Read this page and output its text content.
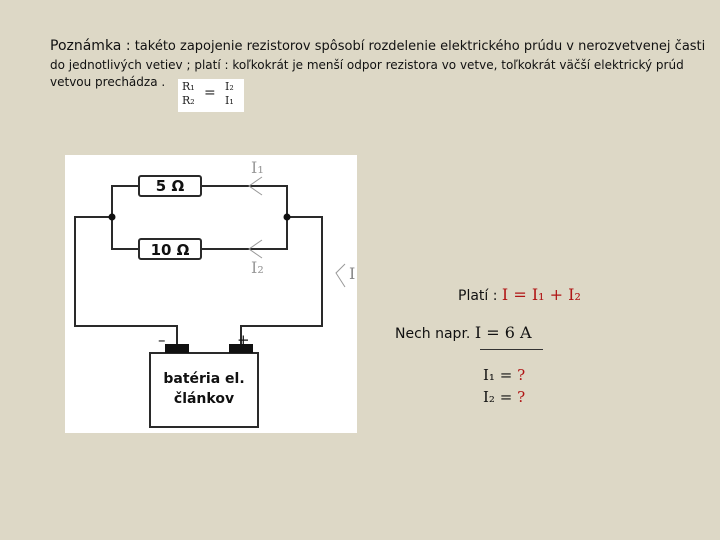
Poznámka : takéto zapojenie rezistorov spôsobí rozdelenie elektrického prúdu v nerozvetvenej časti
do jednotlivých vetiev ; platí : koľkokrát je menší odpor rezistora vo vetve, toľkokrát väčší elektrický prúd
vetvou prechádza . R₁
R₂ = I₂
I₁
5 Ω
10 Ω
I₁
I₂	I
–	+
batéria el.
článkov
Platí : I = I₁ + I₂
Nech napr. I = 6 A
I₁ = ?
I₂ = ?
